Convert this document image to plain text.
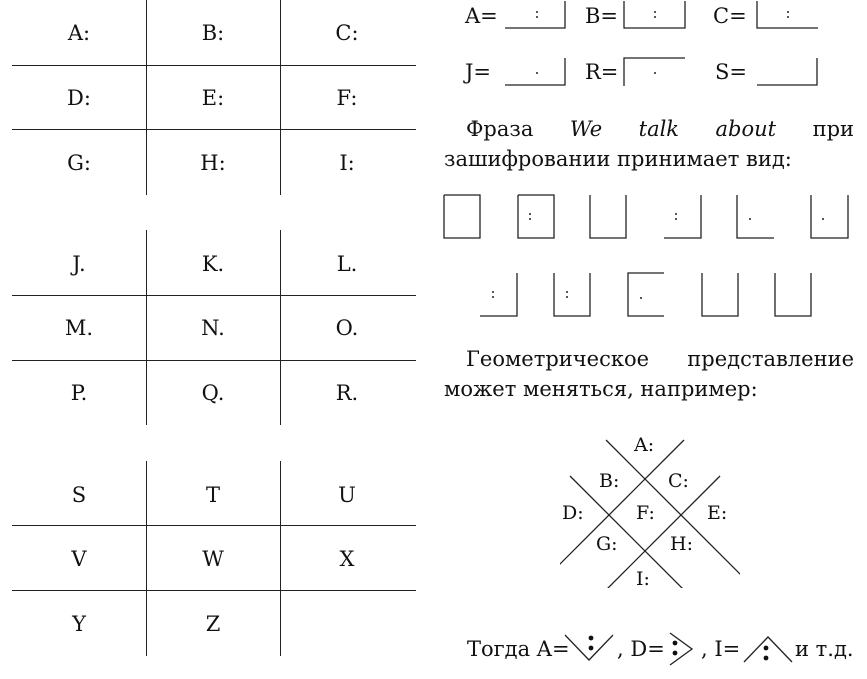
A:	B:	C:
D:	E:	F:
G:	H:	I:
J.	K.	L.
M.	N.	O.
P.	Q.	R.
S	T	U
V	W	X
Y	Z
A=	B=	C=
J=	R=	S=
Фраза We talk about при зашифровании принимает вид:
Геометрическое представление может меняться, например:
A:
B:	C:
D:	F:	E:
G:	H:
I:
Тогда A= , D= , I=	и т.д.
